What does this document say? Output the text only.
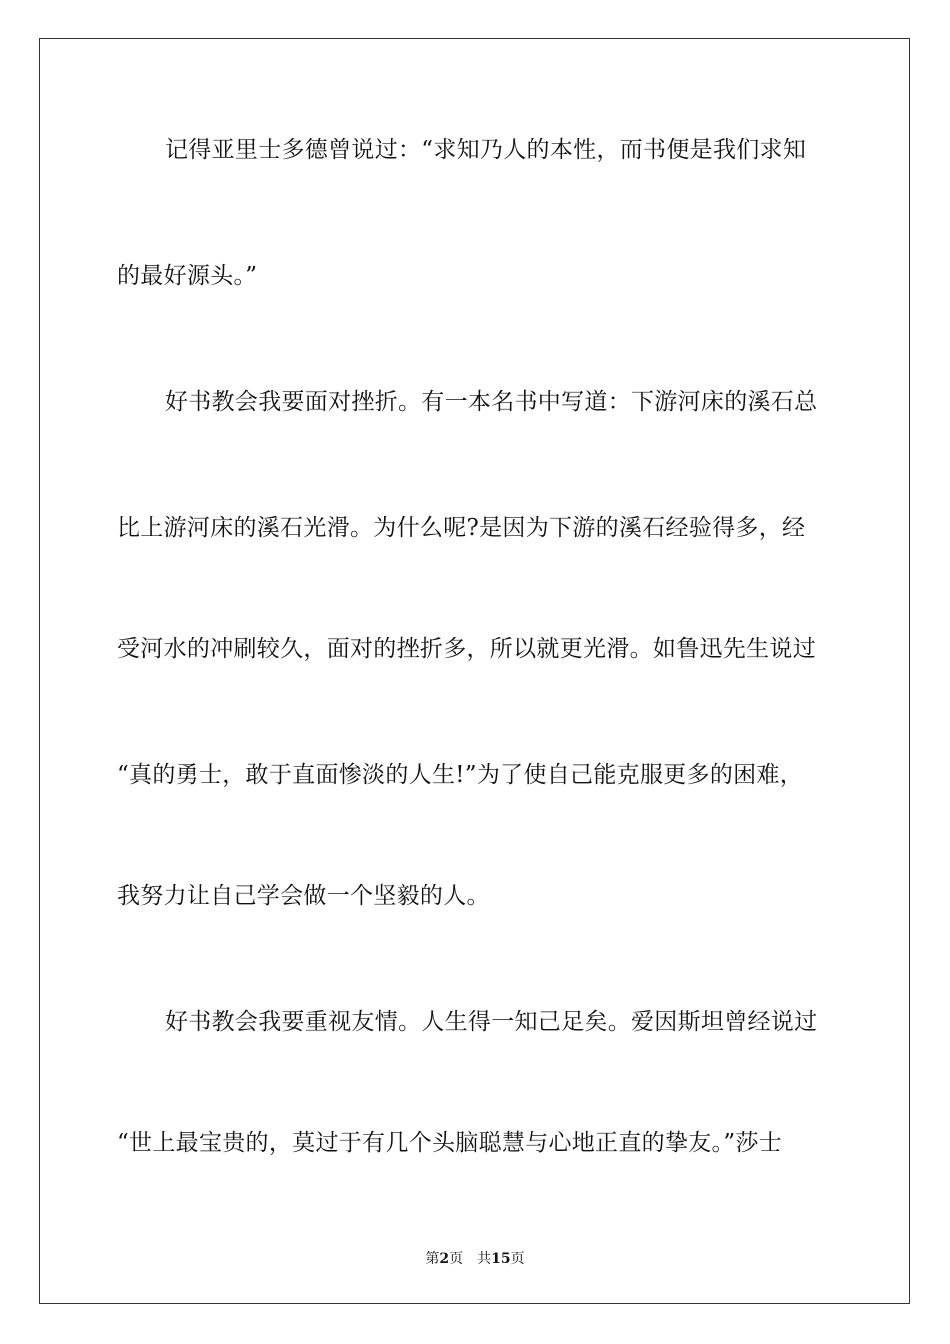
记得亚里士多德曾说过：“求知乃人的本性，而书便是我们求知
的最好源头。”
好书教会我要面对挫折。有一本名书中写道：下游河床的溪石总
比上游河床的溪石光滑。为什么呢?是因为下游的溪石经验得多，经
受河水的冲刷较久，面对的挫折多，所以就更光滑。如鲁迅先生说过
“真的勇士，敢于直面惨淡的人生!”为了使自己能克服更多的困难，
我努力让自己学会做一个坚毅的人。
好书教会我要重视友情。人生得一知己足矣。爱因斯坦曾经说过
“世上最宝贵的，莫过于有几个头脑聪慧与心地正直的挚友。”莎士
第2页 共15页
